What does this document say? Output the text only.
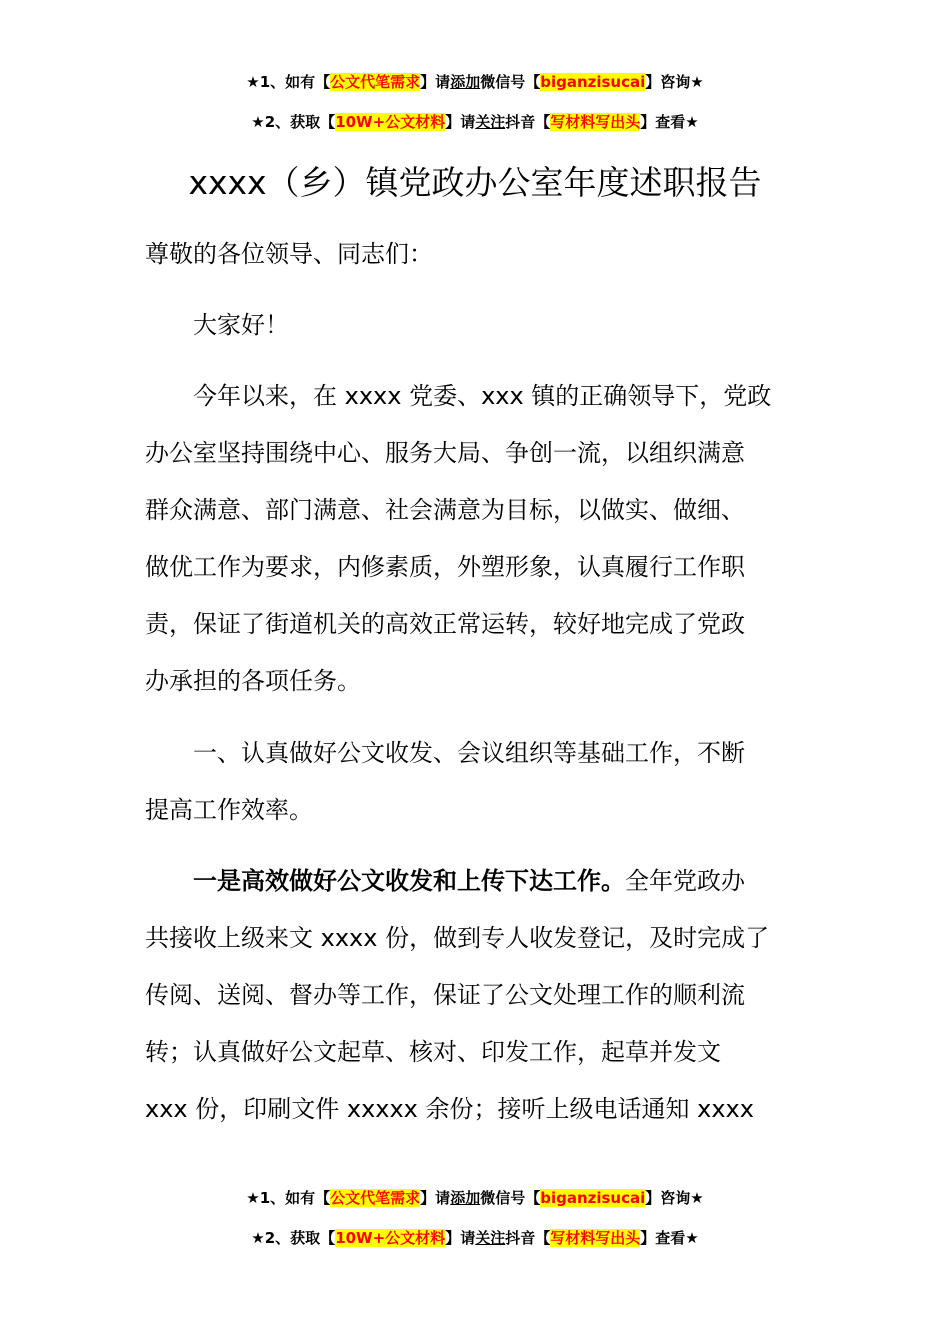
★1、如有【公文代笔需求】请添加微信号【biganzisucai】咨询★
★2、获取【10W+公文材料】请关注抖音【写材料写出头】查看★
xxxx（乡）镇党政办公室年度述职报告
尊敬的各位领导、同志们：
大家好！
今年以来，在 xxxx 党委、xxx 镇的正确领导下，党政
办公室坚持围绕中心、服务大局、争创一流，以组织满意
群众满意、部门满意、社会满意为目标，以做实、做细、
做优工作为要求，内修素质，外塑形象，认真履行工作职
责，保证了街道机关的高效正常运转，较好地完成了党政
办承担的各项任务。
一、认真做好公文收发、会议组织等基础工作，不断
提高工作效率。
一是高效做好公文收发和上传下达工作。全年党政办
共接收上级来文 xxxx 份，做到专人收发登记，及时完成了
传阅、送阅、督办等工作，保证了公文处理工作的顺利流
转；认真做好公文起草、核对、印发工作，起草并发文
xxx 份，印刷文件 xxxxx 余份；接听上级电话通知 xxxx
★1、如有【公文代笔需求】请添加微信号【biganzisucai】咨询★
★2、获取【10W+公文材料】请关注抖音【写材料写出头】查看★
